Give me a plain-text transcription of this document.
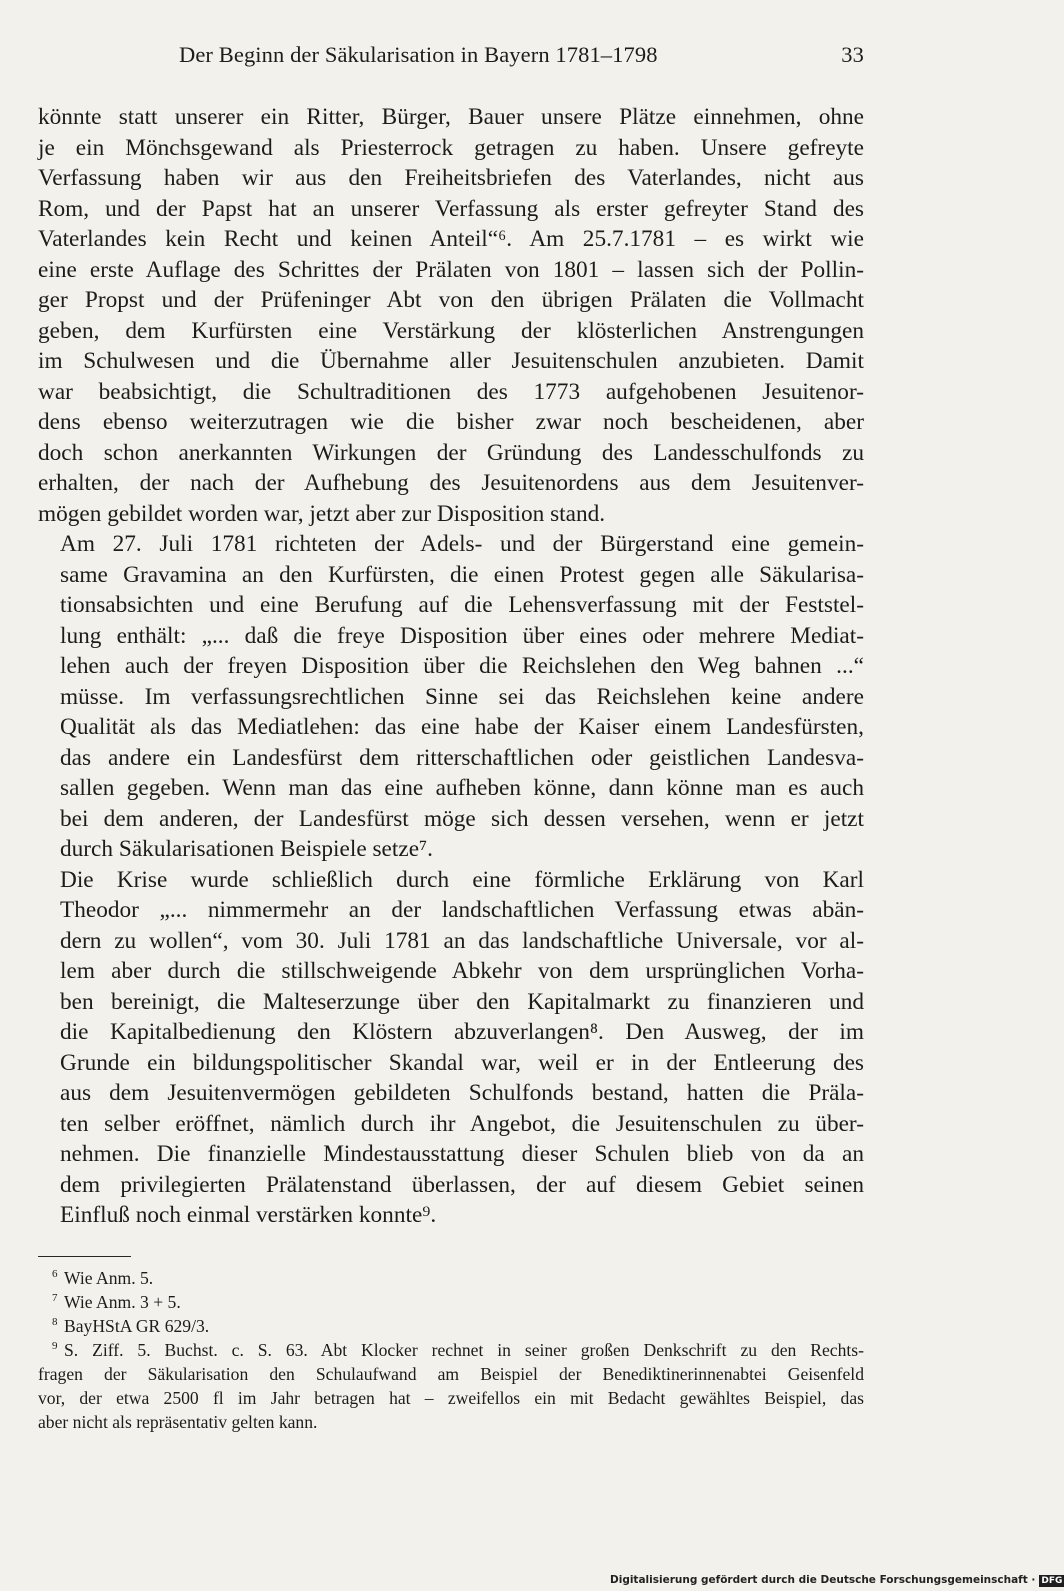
Der Beginn der Säkularisation in Bayern 1781–1798	33

könnte statt unserer ein Ritter, Bürger, Bauer unsere Plätze einnehmen, ohne
je ein Mönchsgewand als Priesterrock getragen zu haben. Unsere gefreyte
Verfassung haben wir aus den Freiheitsbriefen des Vaterlandes, nicht aus
Rom, und der Papst hat an unserer Verfassung als erster gefreyter Stand des
Vaterlandes kein Recht und keinen Anteil“⁶. Am 25.7.1781 – es wirkt wie
eine erste Auflage des Schrittes der Prälaten von 1801 – lassen sich der Pollin-
ger Propst und der Prüfeninger Abt von den übrigen Prälaten die Vollmacht
geben, dem Kurfürsten eine Verstärkung der klösterlichen Anstrengungen
im Schulwesen und die Übernahme aller Jesuitenschulen anzubieten. Damit
war beabsichtigt, die Schultraditionen des 1773 aufgehobenen Jesuitenor-
dens ebenso weiterzutragen wie die bisher zwar noch bescheidenen, aber
doch schon anerkannten Wirkungen der Gründung des Landesschulfonds zu
erhalten, der nach der Aufhebung des Jesuitenordens aus dem Jesuitenver-
mögen gebildet worden war, jetzt aber zur Disposition stand.

Am 27. Juli 1781 richteten der Adels- und der Bürgerstand eine gemein-
same Gravamina an den Kurfürsten, die einen Protest gegen alle Säkularisa-
tionsabsichten und eine Berufung auf die Lehensverfassung mit der Feststel-
lung enthält: „... daß die freye Disposition über eines oder mehrere Mediat-
lehen auch der freyen Disposition über die Reichslehen den Weg bahnen ...“
müsse. Im verfassungsrechtlichen Sinne sei das Reichslehen keine andere
Qualität als das Mediatlehen: das eine habe der Kaiser einem Landesfürsten,
das andere ein Landesfürst dem ritterschaftlichen oder geistlichen Landesva-
sallen gegeben. Wenn man das eine aufheben könne, dann könne man es auch
bei dem anderen, der Landesfürst möge sich dessen versehen, wenn er jetzt
durch Säkularisationen Beispiele setze⁷.

Die Krise wurde schließlich durch eine förmliche Erklärung von Karl
Theodor „... nimmermehr an der landschaftlichen Verfassung etwas abän-
dern zu wollen“, vom 30. Juli 1781 an das landschaftliche Universale, vor al-
lem aber durch die stillschweigende Abkehr von dem ursprünglichen Vorha-
ben bereinigt, die Malteserzunge über den Kapitalmarkt zu finanzieren und
die Kapitalbedienung den Klöstern abzuverlangen⁸. Den Ausweg, der im
Grunde ein bildungspolitischer Skandal war, weil er in der Entleerung des
aus dem Jesuitenvermögen gebildeten Schulfonds bestand, hatten die Präla-
ten selber eröffnet, nämlich durch ihr Angebot, die Jesuitenschulen zu über-
nehmen. Die finanzielle Mindestausstattung dieser Schulen blieb von da an
dem privilegierten Prälatenstand überlassen, der auf diesem Gebiet seinen
Einfluß noch einmal verstärken konnte⁹.

6 Wie Anm. 5.
7 Wie Anm. 3 + 5.
8 BayHStA GR 629/3.
9 S. Ziff. 5. Buchst. c. S. 63. Abt Klocker rechnet in seiner großen Denkschrift zu den Rechts-
fragen der Säkularisation den Schulaufwand am Beispiel der Benediktinerinnenabtei Geisenfeld
vor, der etwa 2500 fl im Jahr betragen hat – zweifellos ein mit Bedacht gewähltes Beispiel, das
aber nicht als repräsentativ gelten kann.
Digitalisierung gefördert durch die Deutsche Forschungsgemeinschaft · DFG
